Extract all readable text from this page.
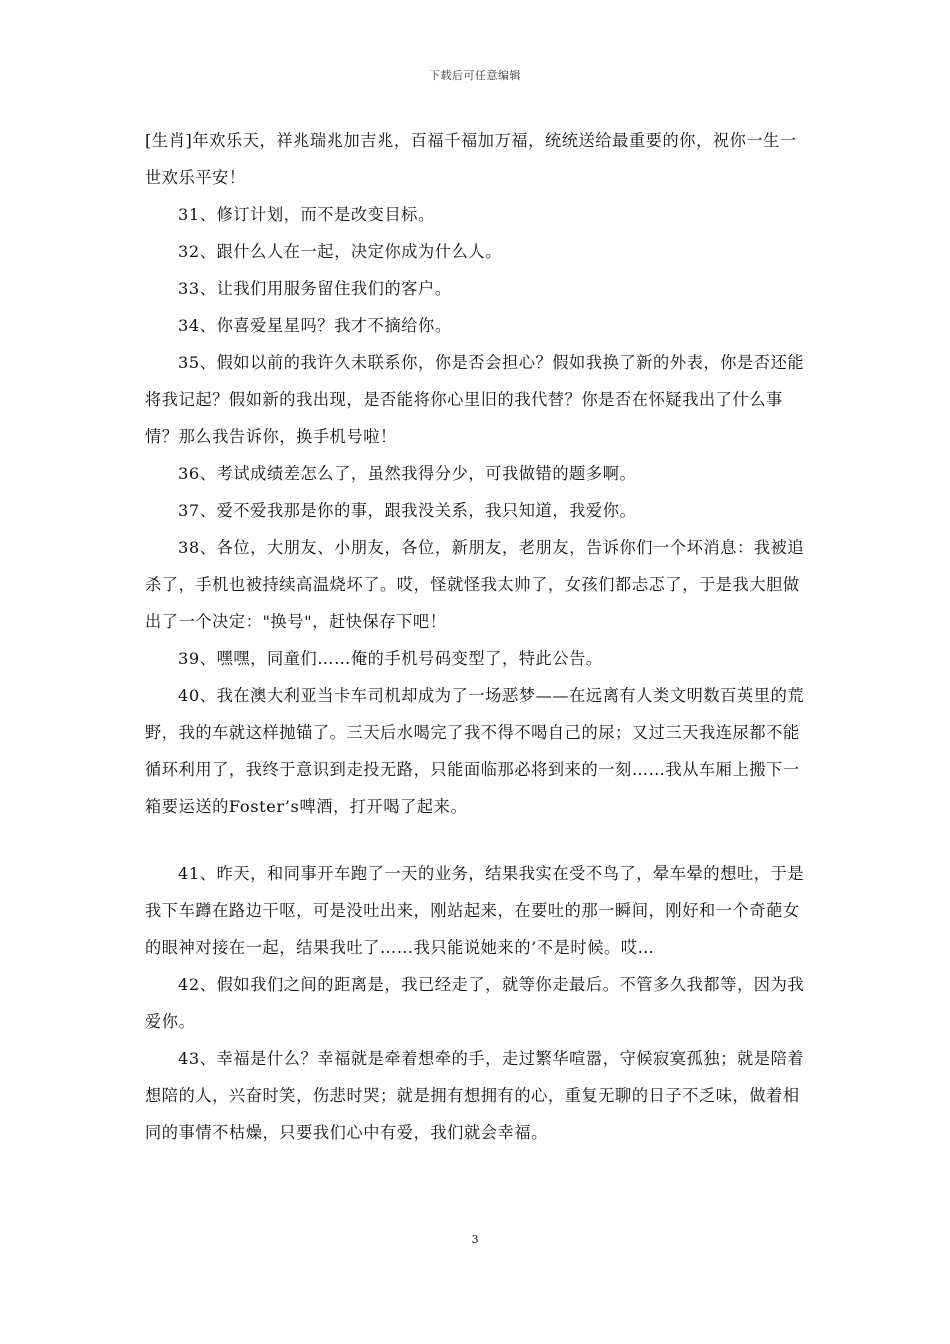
下载后可任意编辑

[生肖]年欢乐天，祥兆瑞兆加吉兆，百福千福加万福，统统送给最重要的你，祝你一生一世欢乐平安！

31、修订计划，而不是改变目标。

32、跟什么人在一起，决定你成为什么人。

33、让我们用服务留住我们的客户。

34、你喜爱星星吗？我才不摘给你。

35、假如以前的我许久未联系你，你是否会担心？假如我换了新的外表，你是否还能将我记起？假如新的我出现，是否能将你心里旧的我代替？你是否在怀疑我出了什么事情？那么我告诉你，换手机号啦！

36、考试成绩差怎么了，虽然我得分少，可我做错的题多啊。

37、爱不爱我那是你的事，跟我没关系，我只知道，我爱你。

38、各位，大朋友、小朋友，各位，新朋友，老朋友，告诉你们一个坏消息：我被追杀了，手机也被持续高温烧坏了。哎，怪就怪我太帅了，女孩们都忐忑了，于是我大胆做出了一个决定："换号"，赶快保存下吧！

39、嘿嘿，同童们……俺的手机号码变型了，特此公告。

40、我在澳大利亚当卡车司机却成为了一场恶梦——在远离有人类文明数百英里的荒野，我的车就这样抛锚了。三天后水喝完了我不得不喝自己的尿；又过三天我连尿都不能循环利用了，我终于意识到走投无路，只能面临那必将到来的一刻……我从车厢上搬下一箱要运送的Foster’s啤酒，打开喝了起来。

41、昨天，和同事开车跑了一天的业务，结果我实在受不鸟了，晕车晕的想吐，于是我下车蹲在路边干呕，可是没吐出来，刚站起来，在要吐的那一瞬间，刚好和一个奇葩女的眼神对接在一起，结果我吐了……我只能说她来的’不是时候。哎…

42、假如我们之间的距离是，我已经走了，就等你走最后。不管多久我都等，因为我爱你。

43、幸福是什么？幸福就是牵着想牵的手，走过繁华喧嚣，守候寂寞孤独；就是陪着想陪的人，兴奋时笑，伤悲时哭；就是拥有想拥有的心，重复无聊的日子不乏味，做着相同的事情不枯燥，只要我们心中有爱，我们就会幸福。

3
